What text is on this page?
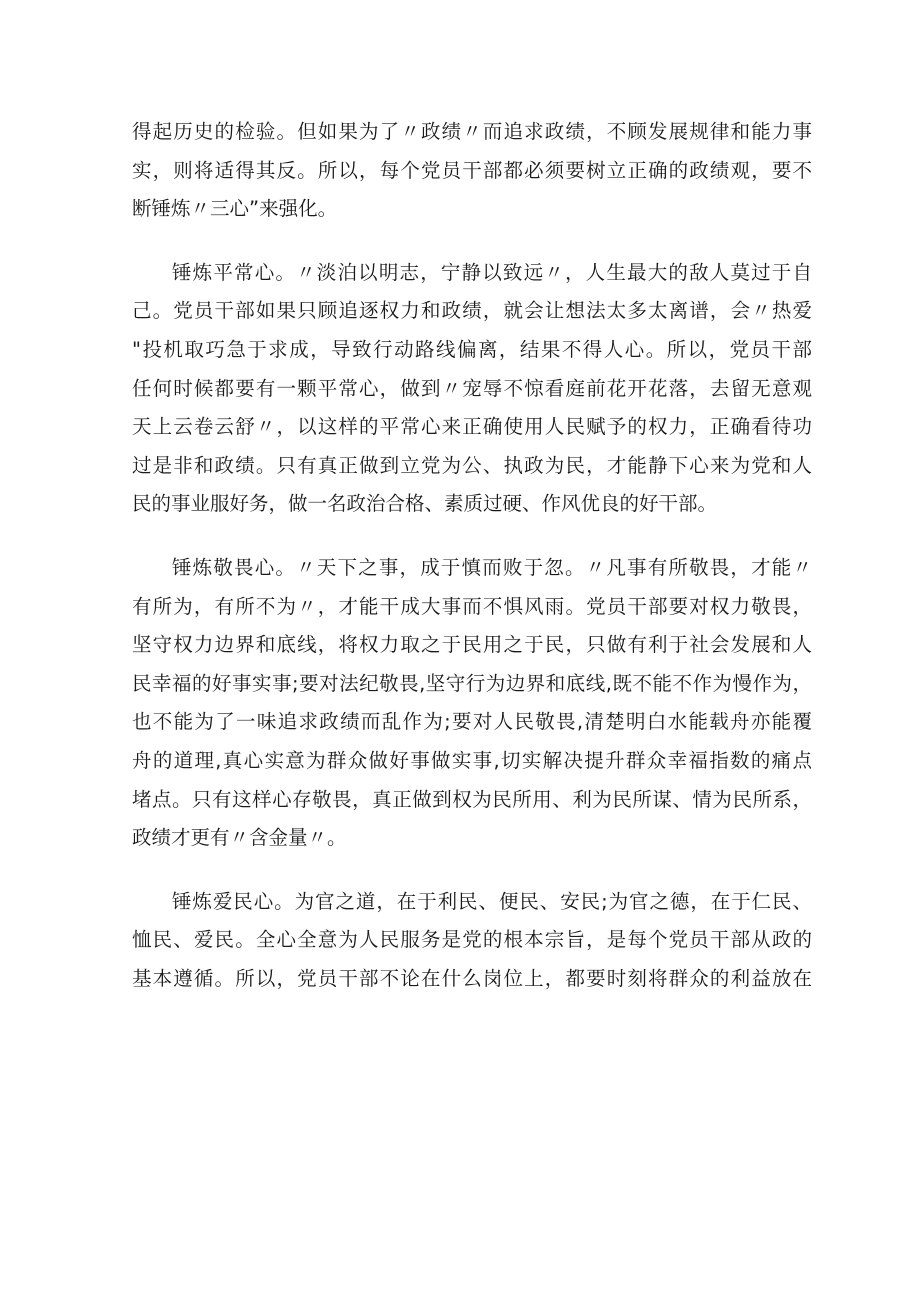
得起历史的检验。但如果为了〃政绩〃而追求政绩，不顾发展规律和能力事
实，则将适得其反。所以，每个党员干部都必须要树立正确的政绩观，要不
断锤炼〃三心”来强化。

锤炼平常心。〃淡泊以明志，宁静以致远〃，人生最大的敌人莫过于自
己。党员干部如果只顾追逐权力和政绩，就会让想法太多太离谱，会〃热爱
"投机取巧急于求成，导致行动路线偏离，结果不得人心。所以，党员干部
任何时候都要有一颗平常心，做到〃宠辱不惊看庭前花开花落，去留无意观
天上云卷云舒〃，以这样的平常心来正确使用人民赋予的权力，正确看待功
过是非和政绩。只有真正做到立党为公、执政为民，才能静下心来为党和人
民的事业服好务，做一名政治合格、素质过硬、作风优良的好干部。

锤炼敬畏心。〃天下之事，成于慎而败于忽。〃凡事有所敬畏，才能〃
有所为，有所不为〃，才能干成大事而不惧风雨。党员干部要对权力敬畏，
坚守权力边界和底线，将权力取之于民用之于民，只做有利于社会发展和人
民幸福的好事实事;要对法纪敬畏,坚守行为边界和底线,既不能不作为慢作为，
也不能为了一味追求政绩而乱作为;要对人民敬畏,清楚明白水能载舟亦能覆
舟的道理,真心实意为群众做好事做实事,切实解决提升群众幸福指数的痛点
堵点。只有这样心存敬畏，真正做到权为民所用、利为民所谋、情为民所系，
政绩才更有〃含金量〃。

锤炼爱民心。为官之道，在于利民、便民、安民;为官之德，在于仁民、
恤民、爱民。全心全意为人民服务是党的根本宗旨，是每个党员干部从政的
基本遵循。所以，党员干部不论在什么岗位上，都要时刻将群众的利益放在
